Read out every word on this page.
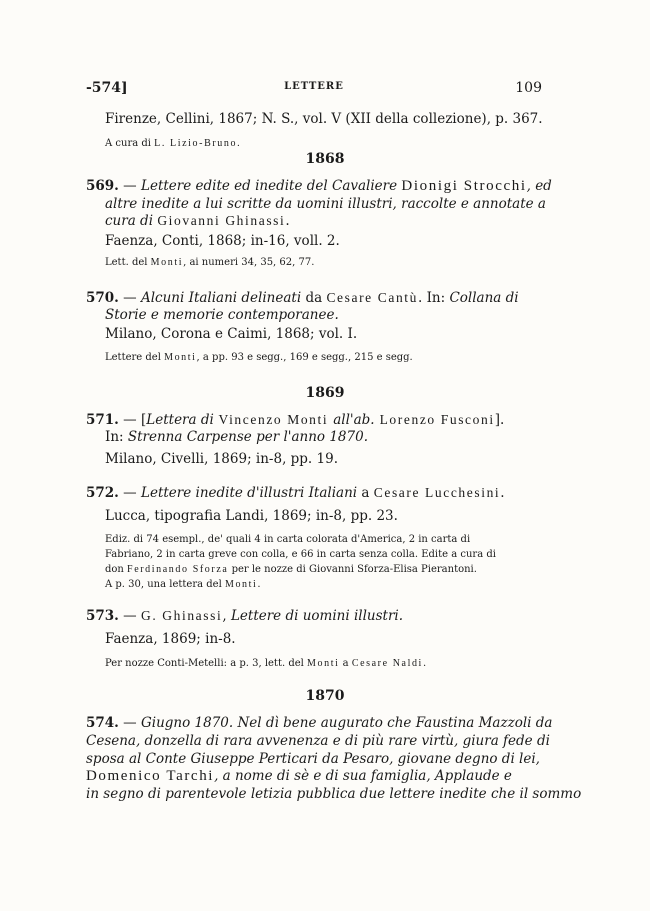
-574]	LETTERE	109
Firenze, Cellini, 1867; N. S., vol. V (XII della collezione), p. 367.
A cura di L. Lizio-Bruno.
1868
569. — Lettere edite ed inedite del Cavaliere Dionigi Strocchi, ed
altre inedite a lui scritte da uomini illustri, raccolte e annotate a
cura di Giovanni Ghinassi.
Faenza, Conti, 1868; in-16, voll. 2.
Lett. del Monti, ai numeri 34, 35, 62, 77.
570. — Alcuni Italiani delineati da Cesare Cantù. In: Collana di
Storie e memorie contemporanee.
Milano, Corona e Caimi, 1868; vol. I.
Lettere del Monti, a pp. 93 e segg., 169 e segg., 215 e segg.
1869
571. — [Lettera di Vincenzo Monti all'ab. Lorenzo Fusconi].
In: Strenna Carpense per l'anno 1870.
Milano, Civelli, 1869; in-8, pp. 19.
572. — Lettere inedite d'illustri Italiani a Cesare Lucchesini.
Lucca, tipografia Landi, 1869; in-8, pp. 23.
Ediz. di 74 esempl., de' quali 4 in carta colorata d'America, 2 in carta di
Fabriano, 2 in carta greve con colla, e 66 in carta senza colla. Edite a cura di
don Ferdinando Sforza per le nozze di Giovanni Sforza-Elisa Pierantoni.
A p. 30, una lettera del Monti.
573. — G. Ghinassi, Lettere di uomini illustri.
Faenza, 1869; in-8.
Per nozze Conti-Metelli: a p. 3, lett. del Monti a Cesare Naldi.
1870
574. — Giugno 1870. Nel dì bene augurato che Faustina Mazzoli da
Cesena, donzella di rara avvenenza e di più rare virtù, giura fede di
sposa al Conte Giuseppe Perticari da Pesaro, giovane degno di lei,
Domenico Tarchi, a nome di sè e di sua famiglia, Applaude e
in segno di parentevole letizia pubblica due lettere inedite che il sommo
